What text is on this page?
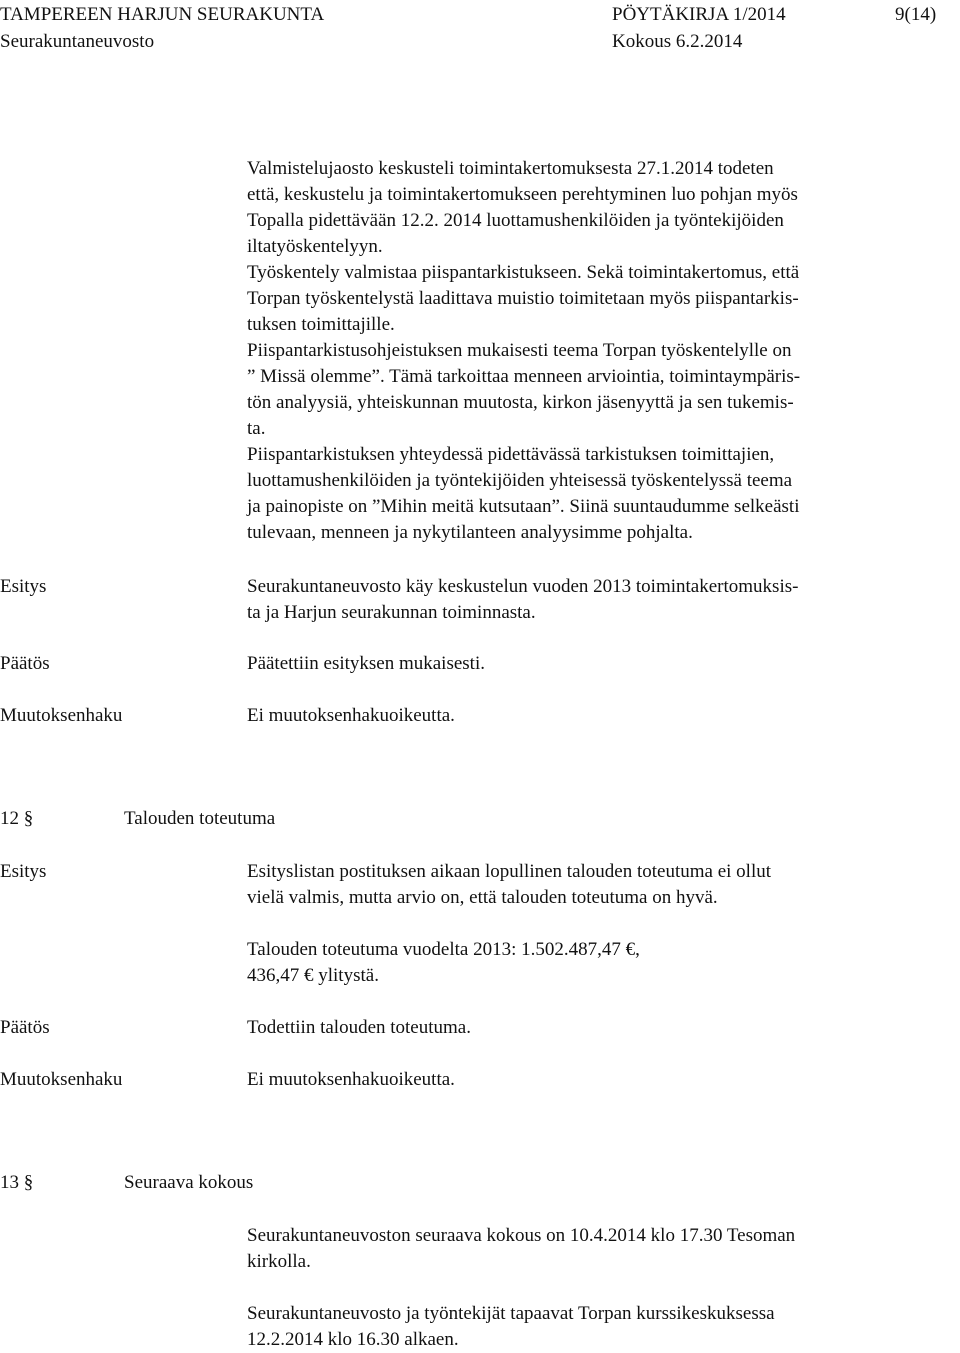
TAMPEREEN HARJUN SEURAKUNTA	PÖYTÄKIRJA 1/2014	9(14)
Seurakuntaneuvosto	Kokous 6.2.2014
Valmistelujaosto keskusteli toimintakertomuksesta 27.1.2014 todeten
että, keskustelu ja toimintakertomukseen perehtyminen luo pohjan myös
Topalla pidettävään 12.2. 2014 luottamushenkilöiden ja työntekijöiden
iltatyöskentelyyn.
Työskentely valmistaa piispantarkistukseen. Sekä toimintakertomus, että
Torpan työskentelystä laadittava muistio toimitetaan myös piispantarkis-
tuksen toimittajille.
Piispantarkistusohjeistuksen mukaisesti teema Torpan työskentelylle on
” Missä olemme”. Tämä tarkoittaa menneen arviointia, toimintaympäris-
tön analyysiä, yhteiskunnan muutosta, kirkon jäsenyyttä ja sen tukemis-
ta.
Piispantarkistuksen yhteydessä pidettävässä tarkistuksen toimittajien,
luottamushenkilöiden ja työntekijöiden yhteisessä työskentelyssä teema
ja painopiste on ”Mihin meitä kutsutaan”. Siinä suuntaudumme selkeästi
tulevaan, menneen ja nykytilanteen analyysimme pohjalta.
Esitys	Seurakuntaneuvosto käy keskustelun vuoden 2013 toimintakertomuksis-
ta ja Harjun seurakunnan toiminnasta.
Päätös	Päätettiin esityksen mukaisesti.
Muutoksenhaku	Ei muutoksenhakuoikeutta.
12 §	Talouden toteutuma
Esitys	Esityslistan postituksen aikaan lopullinen talouden toteutuma ei ollut
vielä valmis, mutta arvio on, että talouden toteutuma on hyvä.
Talouden toteutuma vuodelta 2013: 1.502.487,47 €,
436,47 € ylitystä.
Päätös	Todettiin talouden toteutuma.
Muutoksenhaku	Ei muutoksenhakuoikeutta.
13 §	Seuraava kokous
Seurakuntaneuvoston seuraava kokous on 10.4.2014 klo 17.30 Tesoman
kirkolla.
Seurakuntaneuvosto ja työntekijät tapaavat Torpan kurssikeskuksessa
12.2.2014 klo 16.30 alkaen.
